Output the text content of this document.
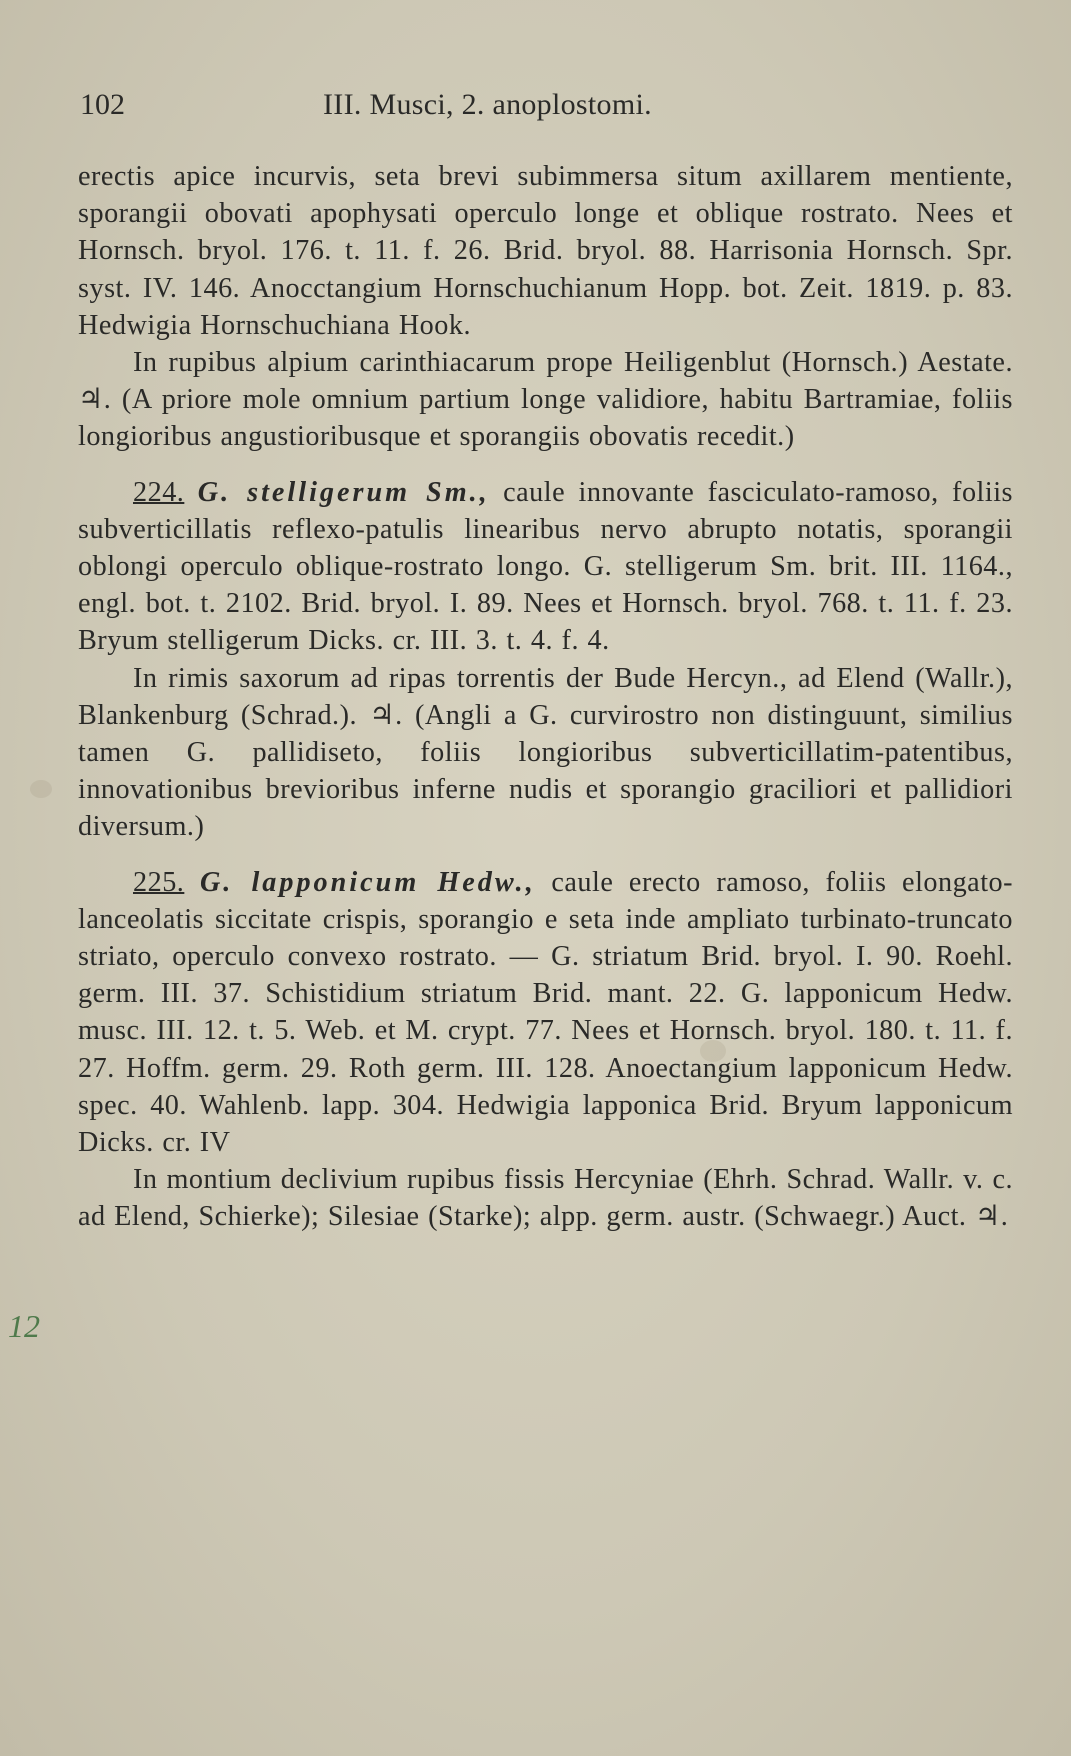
102	III. Musci, 2. anoplostomi.

erectis apice incurvis, seta brevi subimmersa situm axillarem mentiente, sporangii obovati apophysati operculo longe et oblique rostrato. Nees et Hornsch. bryol. 176. t. 11. f. 26. Brid. bryol. 88. Harrisonia Hornsch. Spr. syst. IV. 146. Anocctangium Hornschuchianum Hopp. bot. Zeit. 1819. p. 83. Hedwigia Hornschuchiana Hook.

In rupibus alpium carinthiacarum prope Heiligenblut (Hornsch.) Aestate. ♃. (A priore mole omnium partium longe validiore, habitu Bartramiae, foliis longioribus angustioribusque et sporangiis obovatis recedit.)

224. G. stelligerum Sm., caule innovante fasciculato-ramoso, foliis subverticillatis reflexo-patulis linearibus nervo abrupto notatis, sporangii oblongi operculo oblique-rostrato longo. G. stelligerum Sm. brit. III. 1164., engl. bot. t. 2102. Brid. bryol. I. 89. Nees et Hornsch. bryol. 768. t. 11. f. 23. Bryum stelligerum Dicks. cr. III. 3. t. 4. f. 4.

In rimis saxorum ad ripas torrentis der Bude Hercyn., ad Elend (Wallr.), Blankenburg (Schrad.). ♃. (Angli a G. curvirostro non distinguunt, similius tamen G. pallidiseto, foliis longioribus subverticillatim-patentibus, innovationibus brevioribus inferne nudis et sporangio graciliori et pallidiori diversum.)

225. G. lapponicum Hedw., caule erecto ramoso, foliis elongato-lanceolatis siccitate crispis, sporangio e seta inde ampliato turbinato-truncato striato, operculo convexo rostrato. — G. striatum Brid. bryol. I. 90. Roehl. germ. III. 37. Schistidium striatum Brid. mant. 22. G. lapponicum Hedw. musc. III. 12. t. 5. Web. et M. crypt. 77. Nees et Hornsch. bryol. 180. t. 11. f. 27. Hoffm. germ. 29. Roth germ. III. 128. Anoectangium lapponicum Hedw. spec. 40. Wahlenb. lapp. 304. Hedwigia lapponica Brid. Bryum lapponicum Dicks. cr. IV

In montium declivium rupibus fissis Hercyniae (Ehrh. Schrad. Wallr. v. c. ad Elend, Schierke); Silesiae (Starke); alpp. germ. austr. (Schwaegr.) Auct. ♃.

12
